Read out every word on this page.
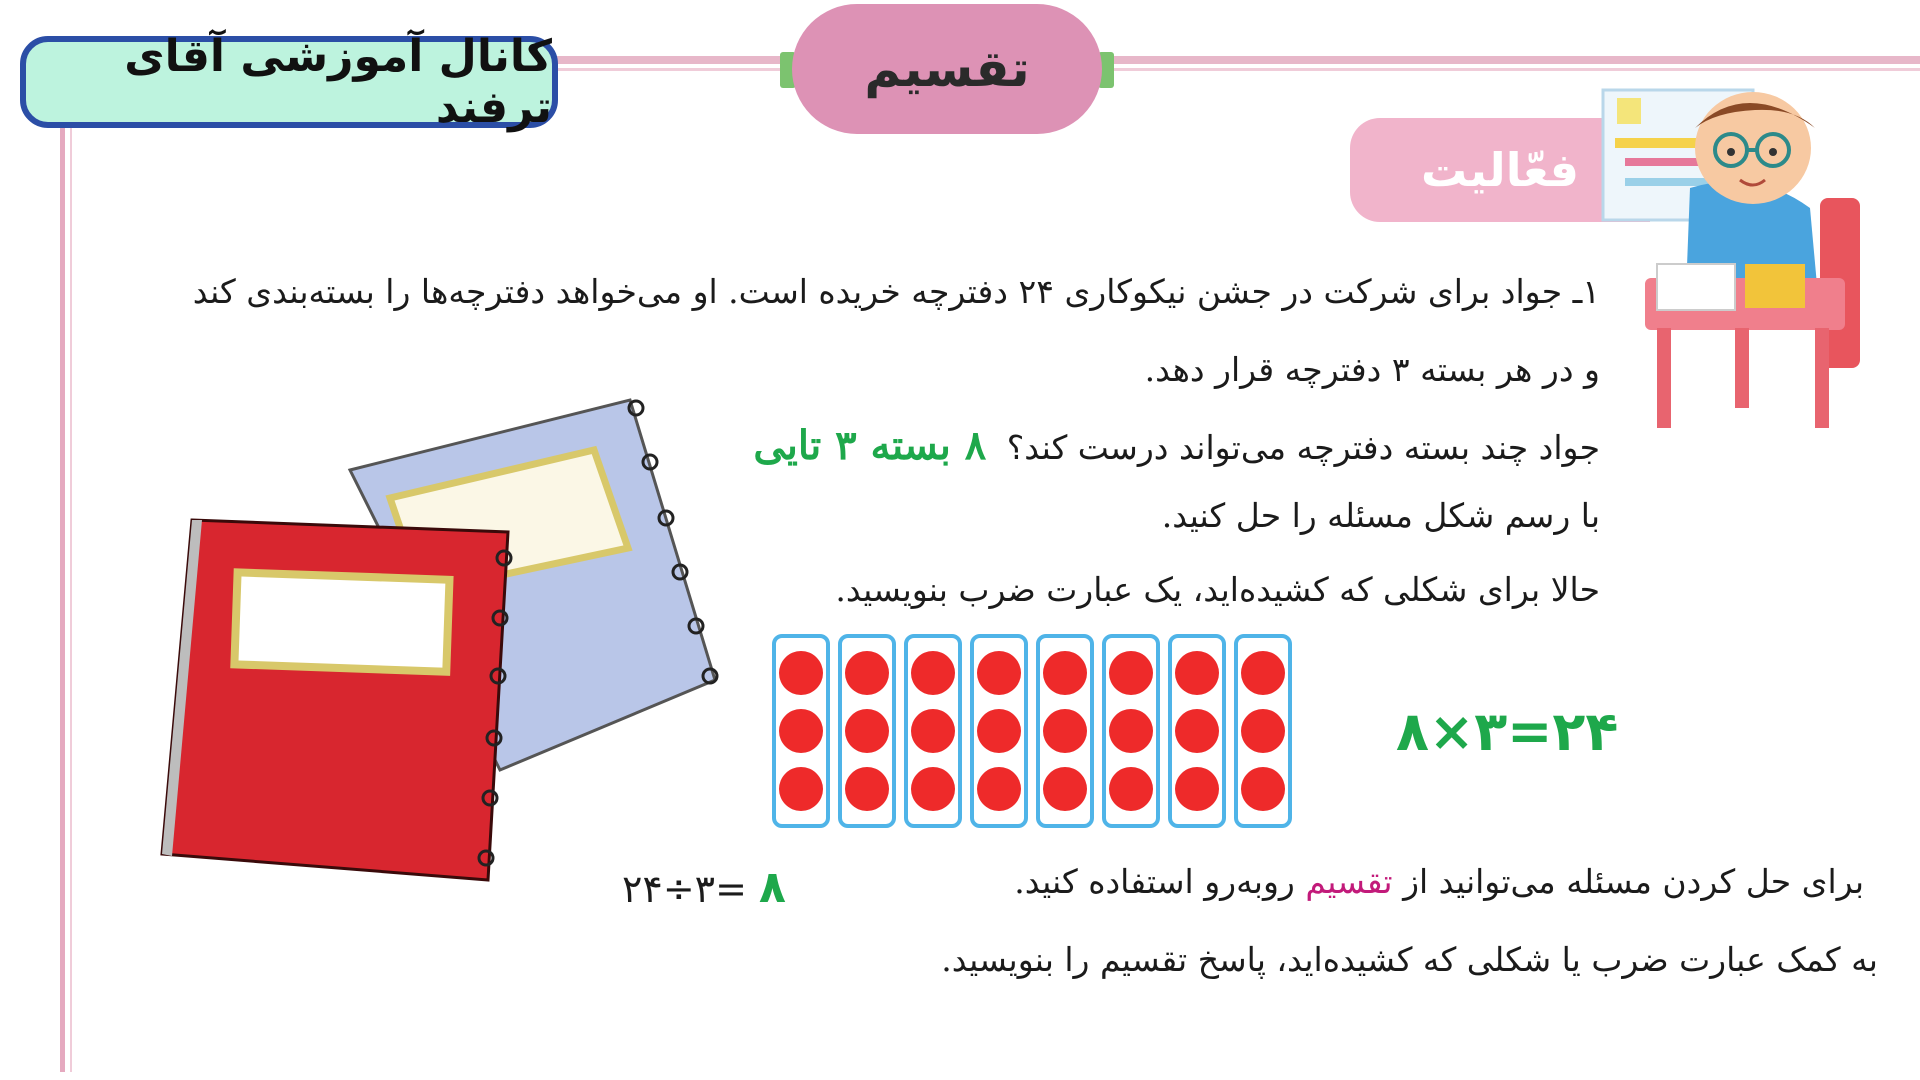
کانال آموزشی آقای ترفند
تقسیم
فعّالیت
۱ـ جواد برای شرکت در جشن نیکوکاری ۲۴ دفترچه خریده است. او می‌خواهد دفترچه‌ها را بسته‌بندی کند
و در هر بسته ۳ دفترچه قرار دهد.
جواد چند بسته دفترچه می‌تواند درست کند؟ ۸ بسته ۳ تایی
با رسم شکل مسئله را حل کنید.
حالا برای شکلی که کشیده‌اید، یک عبارت ضرب بنویسید.
۸×۳=۲۴
برای حل کردن مسئله می‌توانید از تقسیم روبه‌رو استفاده کنید.
۲۴÷۳= ۸
به کمک عبارت ضرب یا شکلی که کشیده‌اید، پاسخ تقسیم را بنویسید.
